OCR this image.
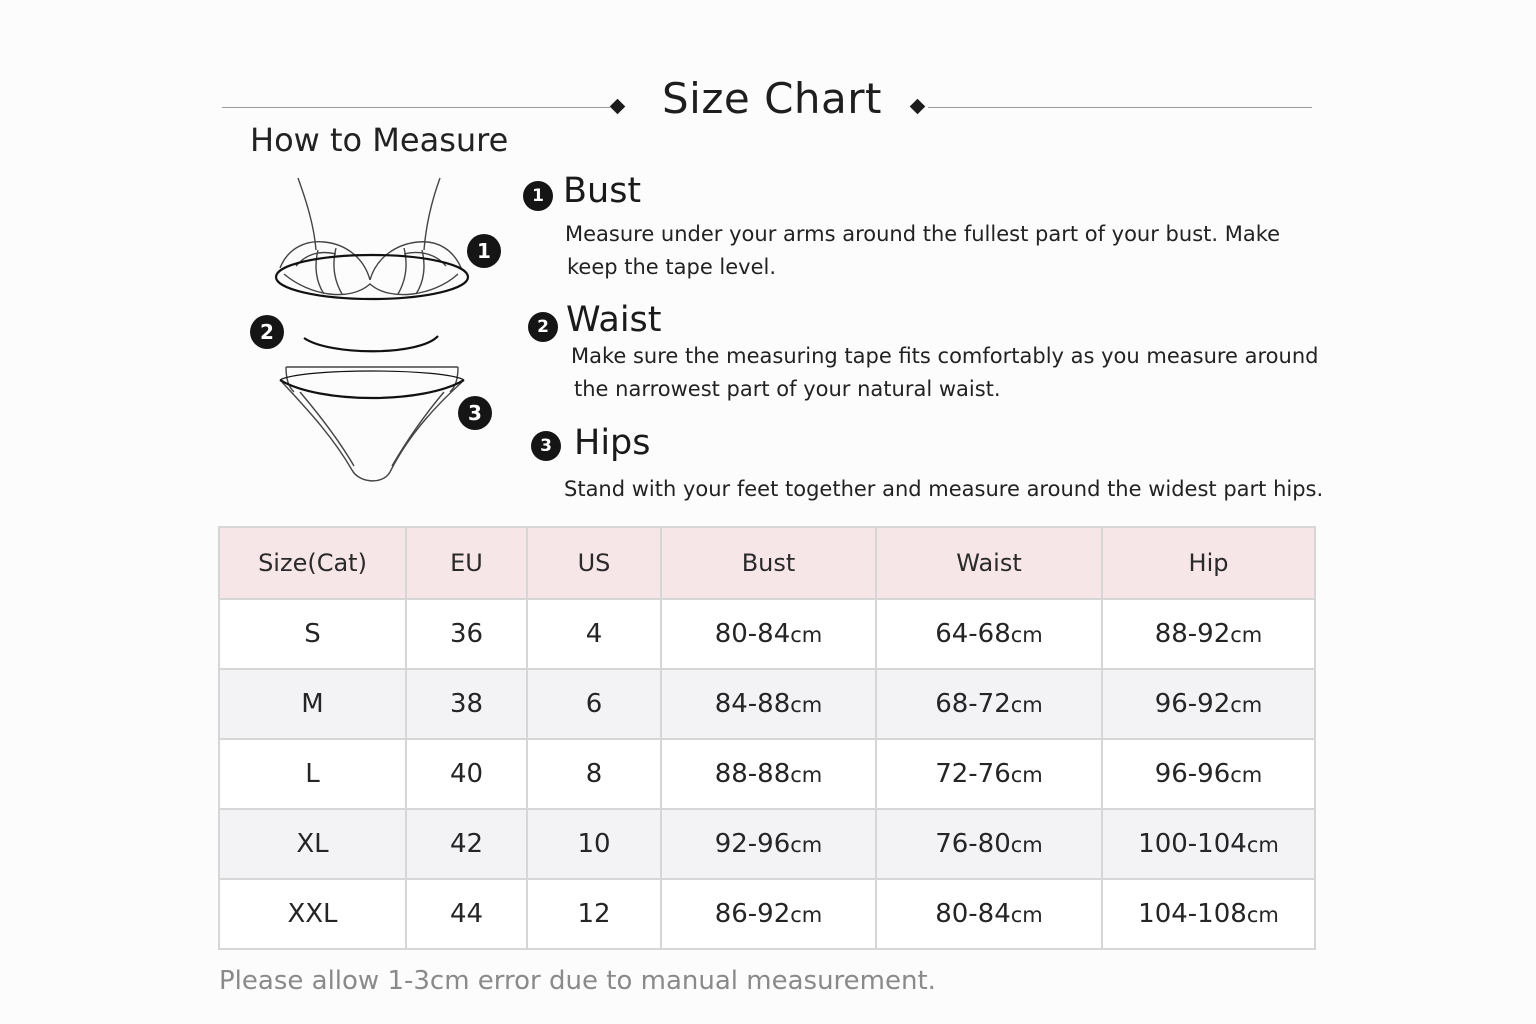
Size Chart
How to Measure
1
2
3
1 Bust
Measure under your arms around the fullest part of your bust. Make
keep the tape level.
2 Waist
Make sure the measuring tape fits comfortably as you measure around
the narrowest part of your natural waist.
3 Hips
Stand with your feet together and measure around the widest part hips.
Size(Cat)	EU	US	Bust	Waist	Hip
S	36	4	80-84cm	64-68cm	88-92cm
M	38	6	84-88cm	68-72cm	96-92cm
L	40	8	88-88cm	72-76cm	96-96cm
XL	42	10	92-96cm	76-80cm	100-104cm
XXL	44	12	86-92cm	80-84cm	104-108cm
Please allow 1-3cm error due to manual measurement.
